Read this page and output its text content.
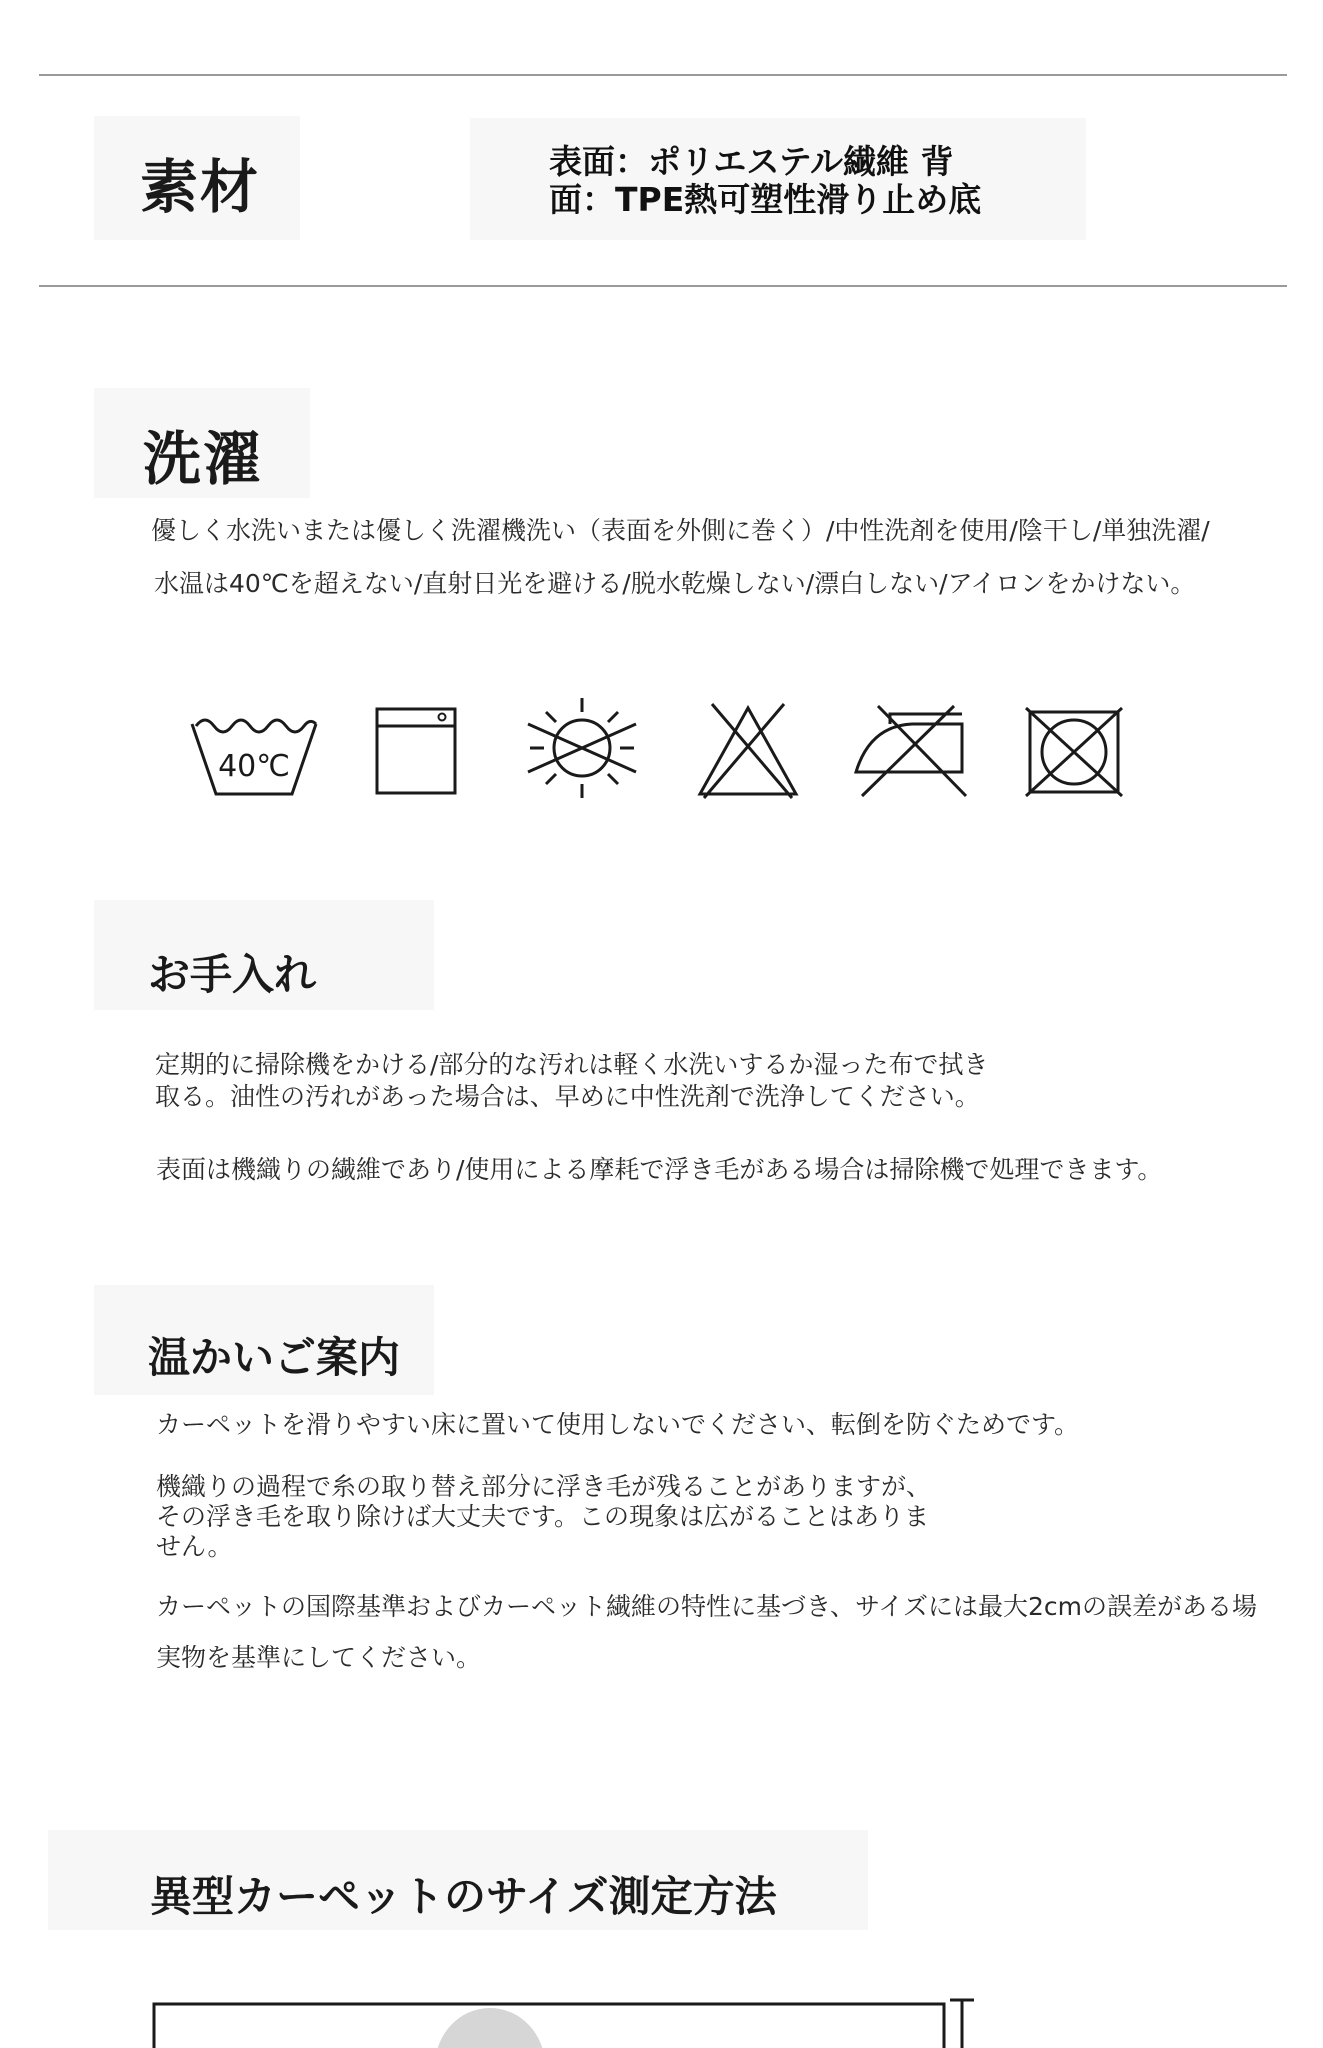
素材	表面：ポリエステル繊維 背
面：TPE熱可塑性滑り止め底
洗濯
優しく水洗いまたは優しく洗濯機洗い（表面を外側に巻く）/中性洗剤を使用/陰干し/単独洗濯/
水温は40℃を超えない/直射日光を避ける/脱水乾燥しない/漂白しない/アイロンをかけない。
40℃
お手入れ
定期的に掃除機をかける/部分的な汚れは軽く水洗いするか湿った布で拭き
取る。油性の汚れがあった場合は、早めに中性洗剤で洗浄してください。
表面は機織りの繊維であり/使用による摩耗で浮き毛がある場合は掃除機で処理できます。
温かいご案内
カーペットを滑りやすい床に置いて使用しないでください、転倒を防ぐためです。
機織りの過程で糸の取り替え部分に浮き毛が残ることがありますが、
その浮き毛を取り除けば大丈夫です。この現象は広がることはありま
せん。
カーペットの国際基準およびカーペット繊維の特性に基づき、サイズには最大2cmの誤差がある場
実物を基準にしてください。
異型カーペットのサイズ測定方法
